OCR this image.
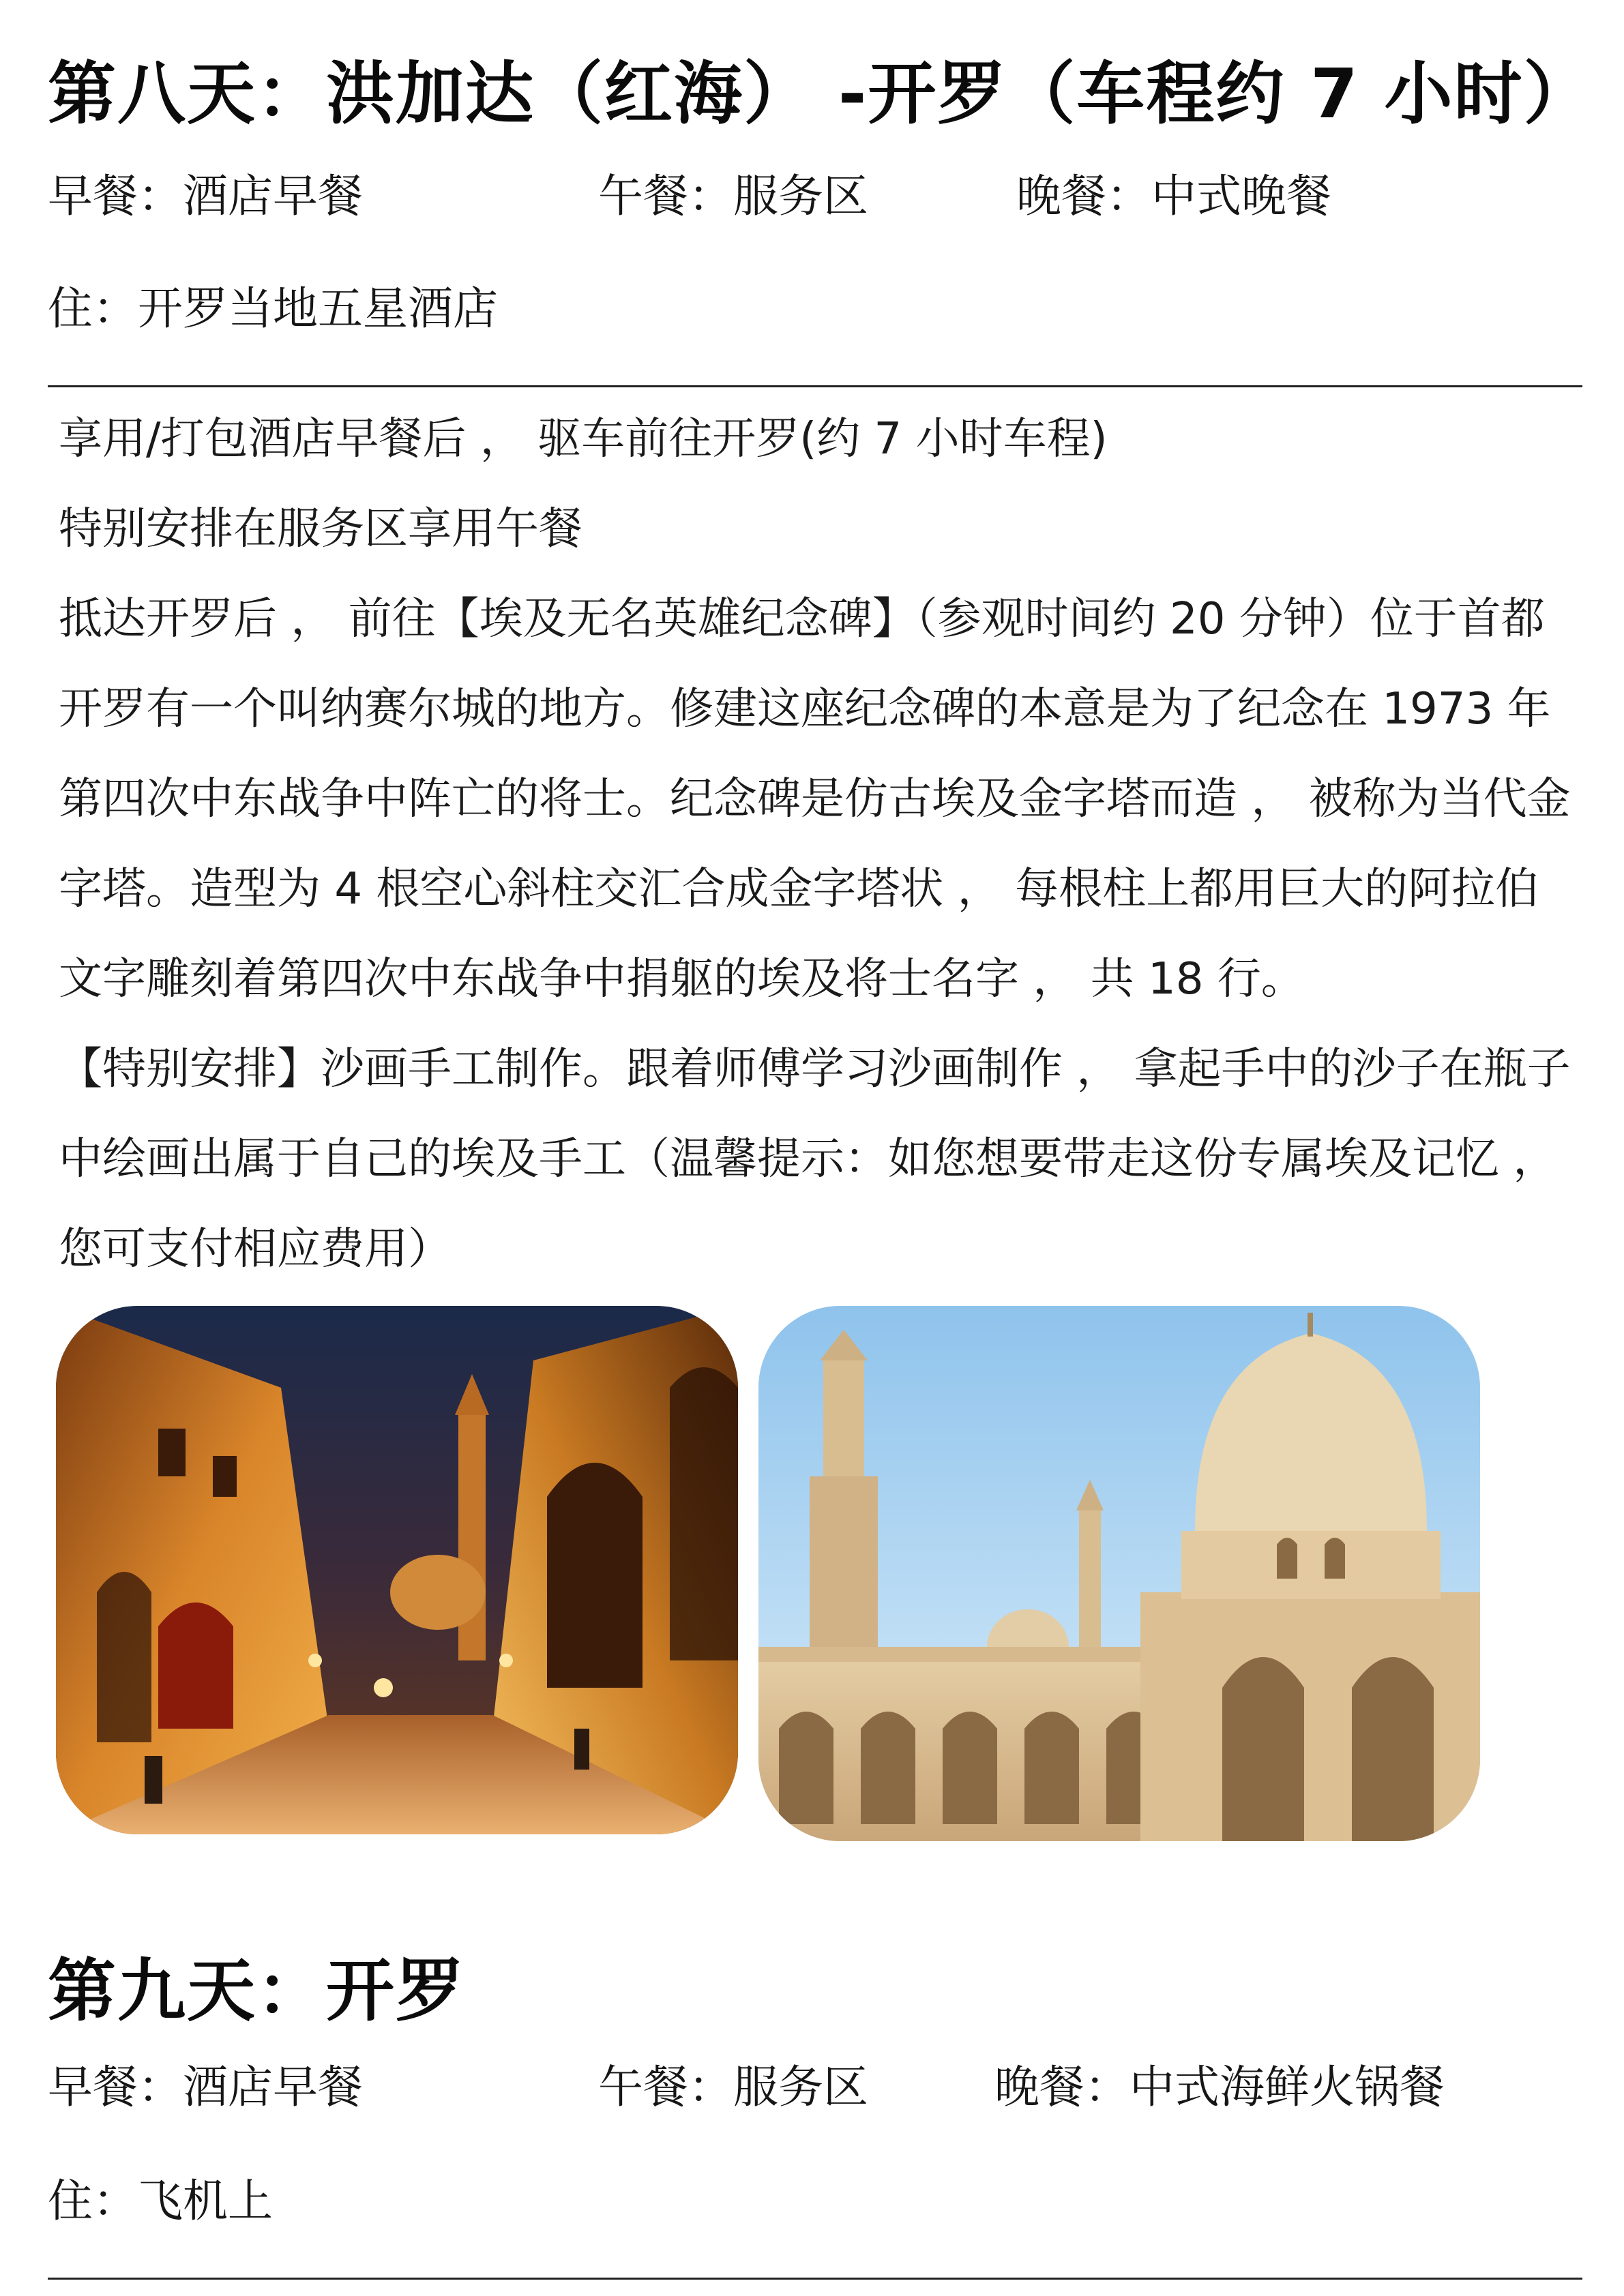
第八天：洪加达（红海） -开罗（车程约 7 小时）
早餐：酒店早餐	午餐：服务区	晚餐：中式晚餐
住：开罗当地五星酒店

享用/打包酒店早餐后 ， 驱车前往开罗(约 7 小时车程)

特别安排在服务区享用午餐

抵达开罗后 ， 前往【埃及无名英雄纪念碑】（参观时间约 20 分钟）位于首都开罗有一个叫纳赛尔城的地方。修建这座纪念碑的本意是为了纪念在 1973 年第四次中东战争中阵亡的将士。纪念碑是仿古埃及金字塔而造 ， 被称为当代金字塔。造型为 4 根空心斜柱交汇合成金字塔状 ， 每根柱上都用巨大的阿拉伯文字雕刻着第四次中东战争中捐躯的埃及将士名字 ， 共 18 行。

【特别安排】沙画手工制作。跟着师傅学习沙画制作 ， 拿起手中的沙子在瓶子中绘画出属于自己的埃及手工（温馨提示：如您想要带走这份专属埃及记忆 ， 您可支付相应费用）

第九天：开罗
早餐：酒店早餐	午餐：服务区	晚餐：中式海鲜火锅餐
住：飞机上
